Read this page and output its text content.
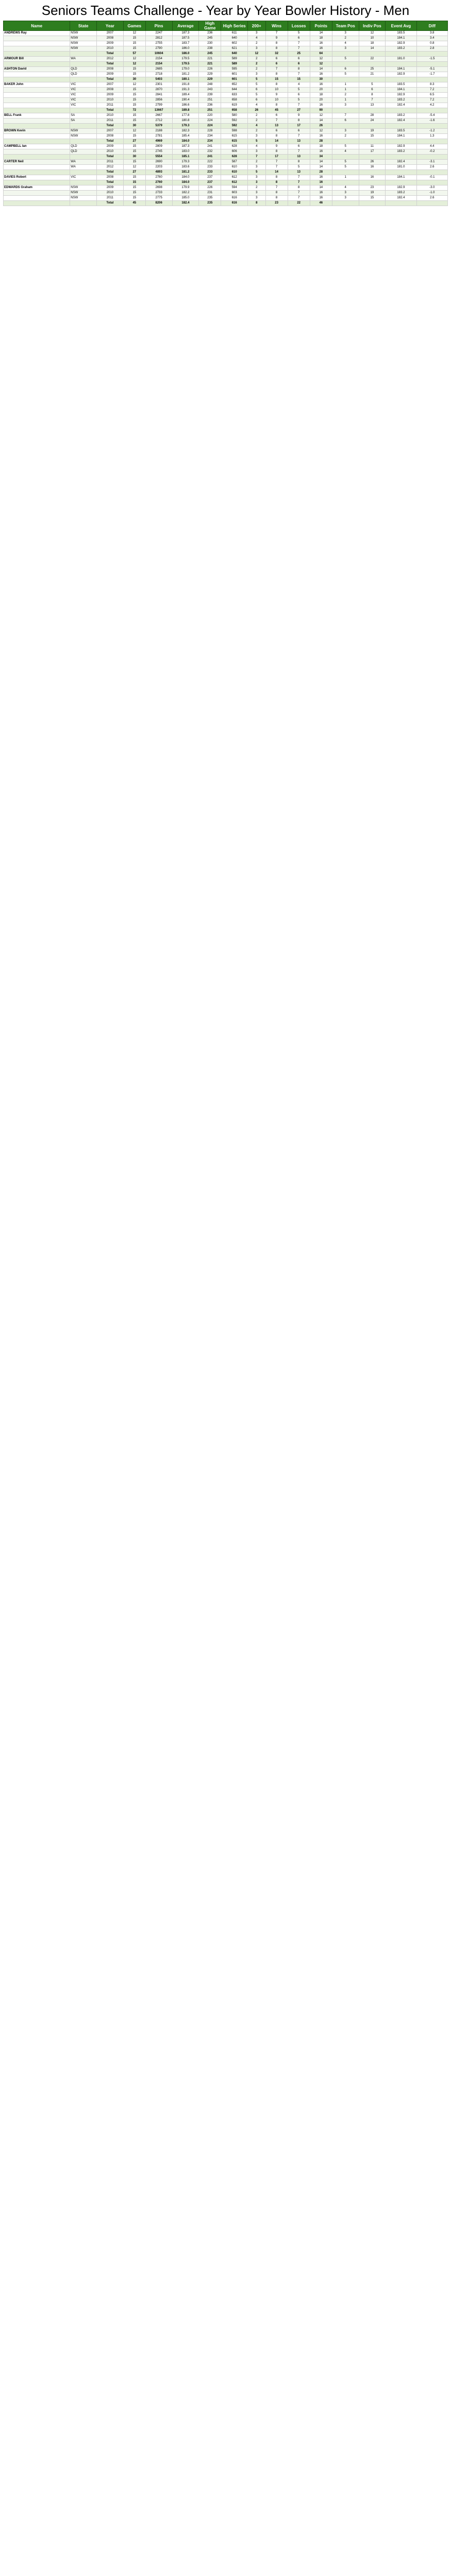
Seniors Teams Challenge - Year by Year Bowler History - Men
Name	State	Year	Games	Pins	Average	High Game	High Series	200+	Wins	Losses	Points	Team Pos	Indiv Pos	Event Avg	Diff
ANDREWS Ray	NSW	2007	12	2247	187.3	236	611	3	7	5	14	3	12	183.5	3.8
	NSW	2008	15	2812	187.5	245	640	4	9	6	18	2	10	184.1	3.4
	NSW	2009	15	2755	183.7	230	602	2	8	7	16	4	18	182.9	0.8
	NSW	2010	15	2790	186.0	238	621	3	8	7	16	3	14	183.2	2.8
		Total	57	10604	186.0	245	640	12	32	25	64				
ARMOUR Bill	WA	2012	12	2154	179.5	221	589	2	6	6	12	5	22	181.0	-1.5
		Total	12	2154	179.5	221	589	2	6	6	12				
ASHTON David	QLD	2008	15	2685	179.0	226	595	2	7	8	14	6	25	184.1	-5.1
	QLD	2009	15	2718	181.2	229	601	3	8	7	16	5	21	182.9	-1.7
		Total	30	5403	180.1	229	601	5	15	15	30				
BAKER John	VIC	2007	12	2301	191.8	248	652	5	8	4	16	1	5	183.5	8.3
	VIC	2008	15	2870	191.3	243	644	6	10	5	20	1	6	184.1	7.2
	VIC	2009	15	2841	189.4	239	633	5	9	6	18	2	8	182.9	6.5
	VIC	2010	15	2856	190.4	251	658	6	10	5	20	1	7	183.2	7.2
	VIC	2011	15	2799	186.6	236	619	4	8	7	16	3	13	182.4	4.2
		Total	72	13667	189.8	251	658	26	45	27	90				
BELL Frank	SA	2010	15	2667	177.8	220	580	2	6	9	12	7	28	183.2	-5.4
	SA	2011	15	2712	180.8	224	592	2	7	8	14	6	24	182.4	-1.6
		Total	30	5379	179.3	224	592	4	13	17	26				
BROWN Kevin	NSW	2007	12	2188	182.3	228	598	2	6	6	12	3	19	183.5	-1.2
	NSW	2008	15	2781	185.4	234	615	3	8	7	16	2	15	184.1	1.3
		Total	27	4969	184.0	234	615	5	14	13	28				
CAMPBELL Ian	QLD	2009	15	2809	187.3	241	628	4	9	6	18	5	11	182.9	4.4
	QLD	2010	15	2745	183.0	232	606	3	8	7	16	4	17	183.2	-0.2
		Total	30	5554	185.1	241	628	7	17	13	34				
CARTER Neil	WA	2011	15	2690	179.3	222	587	2	7	8	14	5	26	182.4	-3.1
	WA	2012	12	2203	183.6	233	610	3	7	5	14	5	16	181.0	2.6
		Total	27	4893	181.2	233	610	5	14	13	28				
DAVIES Robert	VIC	2008	15	2760	184.0	237	612	3	8	7	16	1	16	184.1	-0.1
		Total	15	2760	184.0	237	612	3	8	7	16				
EDWARDS Graham	NSW	2009	15	2698	179.9	226	594	2	7	8	14	4	23	182.9	-3.0
	NSW	2010	15	2733	182.2	231	603	3	8	7	16	3	19	183.2	-1.0
	NSW	2011	15	2775	185.0	235	616	3	8	7	16	3	15	182.4	2.6
		Total	45	8206	182.4	235	616	8	23	22	46				
